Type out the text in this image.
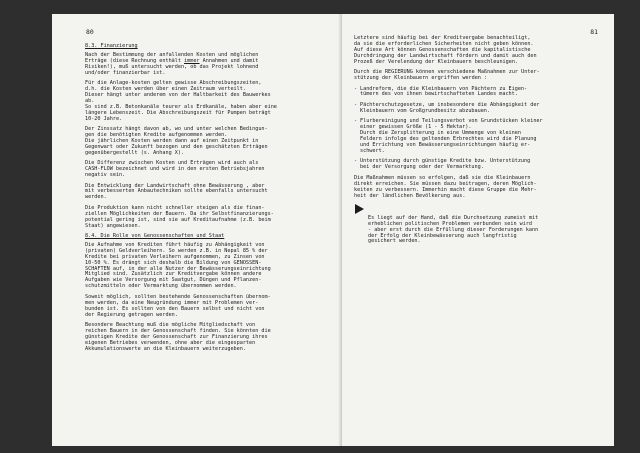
80
8.3. Finanzierung

Nach der Bestimmung der anfallenden Kosten und möglichen
Erträge (diese Rechnung enthält immer Annahmen und damit
Risiken!), muß untersucht werden, ob das Projekt lohnend
und/oder finanzierbar ist.

Für die Anlage-kosten gelten gewisse Abschreibungszeiten,
d.h. die Kosten werden über einen Zeitraum verteilt.
Dieser hängt unter anderem von der Haltbarkeit des Bauwerkes
ab.
So sind z.B. Betonkanäle teurer als Erdkanäle, haben aber eine
längere Lebenszeit. Die Abschreibungszeit für Pumpen beträgt
10-20 Jahre.

Der Zinssatz hängt davon ab, wo und unter welchen Bedingun-
gen die benötigten Kredite aufgenommen werden.
Die jährlichen Kosten werden dann auf einen Zeitpunkt in
Gegenwart oder Zukunft bezogen und den geschätzten Erträgen
gegenübergestellt (s. Anhang X).

Die Differenz zwischen Kosten und Erträgen wird auch als
CASH-FLOW bezeichnet und wird in den ersten Betriebsjahren
negativ sein.

Die Entwicklung der Landwirtschaft ohne Bewässerung , aber
mit verbesserten Anbautechniken sollte ebenfalls untersucht
werden.

Die Produktion kann nicht schneller steigen als die finan-
ziellen Möglichkeiten der Bauern. Da ihr Selbstfinanzierungs-
potential gering ist, sind sie auf Kreditaufnahme (z.B. beim
Staat) angewiesen.

8.4. Die Rolle von Genossenschaften und Staat

Die Aufnahme von Krediten führt häufig zu Abhängigkeit von
(privaten) Geldverleihern. So werden z.B. in Nepal 85 % der
Kredite bei privaten Verleihern aufgenommen, zu Zinsen von
10-50 %. Es drängt sich deshalb die Bildung von GENOSSEN-
SCHAFTEN auf, in der alle Nutzer der Bewässerungseinrichtung
Mitglied sind. Zusätzlich zur Kreditvergabe können andere
Aufgaben wie Versorgung mit Saatgut, Düngen und Pflanzen-
schutzmitteln oder Vermarktung übernommen werden.

Soweit möglich, sollten bestehende Genossenschaften übernom-
men werden, da eine Neugründung immer mit Problemen ver-
bunden ist. Es sollten von den Bauern selbst und nicht von
der Regierung getragen werden.

Besondere Beachtung muß die mögliche Mitgliedschaft von
reichen Bauern in der Genossenschaft finden. Sie könnten die
günstigen Kredite der Genossenschaft zur Finanzierung ihres
eigenen Betriebes verwenden, ohne aber die eingesparten
Akkumulationswerte an die Kleinbauern weiterzugeben.

81

Letztere sind häufig bei der Kreditvergabe benachteiligt,
da sie die erforderlichen Sicherheiten nicht geben können.
Auf diese Art können Genossenschaften die kapitalistische
Durchdringung der Landwirtschaft fördern und damit auch den
Prozeß der Verelendung der Kleinbauern beschleunigen.

Durch die REGIERUNG können verschiedene Maßnahmen zur Unter-
stützung der Kleinbauern ergriffen werden :

- Landreform, die die Kleinbauern von Pächtern zu Eigen-
tümern des von ihnen bewirtschafteten Landes macht.
- Pächterschutzgesetze, um insbesondere die Abhängigkeit der
Kleinbauern vom Großgrundbesitz abzubauen.
- Flurbereinigung und Teilungsverbot von Grundstücken kleiner
einer gewissen Größe (1 - 5 Hektar).
Durch die Zersplitterung in eine Ummenge von kleinen
Feldern infolge des geltenden Erbrechtes wird die Planung
und Errichtung von Bewässerungseinrichtungen häufig er-
schwert.
- Unterstützung durch günstige Kredite bzw. Unterstützung
bei der Versorgung oder der Vermarktung.

Die Maßnahmen müssen so erfolgen, daß sie die Kleinbauern
direkt erreichen. Sie müssen dazu beitragen, deren Möglich-
keiten zu verbessern. Immerhin macht diese Gruppe die Mehr-
heit der ländlichen Bevölkerung aus.

Es liegt auf der Hand, daß die Durchsetzung zumeist mit
erheblichen politischen Problemen verbunden sein wird
- aber erst durch die Erfüllung dieser Forderungen kann
der Erfolg der Kleinbewässerung auch langfristig
gesichert werden.
